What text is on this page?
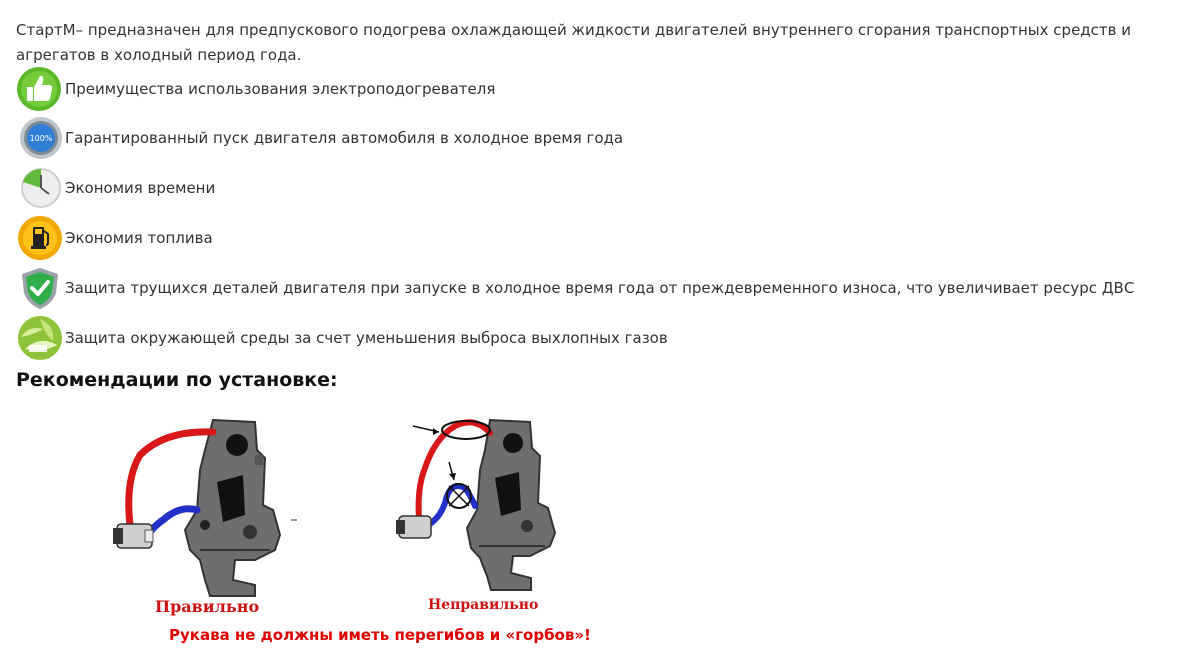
СтартМ– предназначен для предпускового подогрева охлаждающей жидкости двигателей внутреннего сгорания транспортных средств и агрегатов в холодный период года.

Преимущества использования электроподогревателя
100% Гарантированный пуск двигателя автомобиля в холодное время года
Экономия времени
Экономия топлива
Защита трущихся деталей двигателя при запуске в холодное время года от преждевременного износа, что увеличивает ресурс ДВС
Защита окружающей среды за счет уменьшения выброса выхлопных газов
Рекомендации по установке:
Правильно	Неправильно

Рукава не должны иметь перегибов и «горбов»!
